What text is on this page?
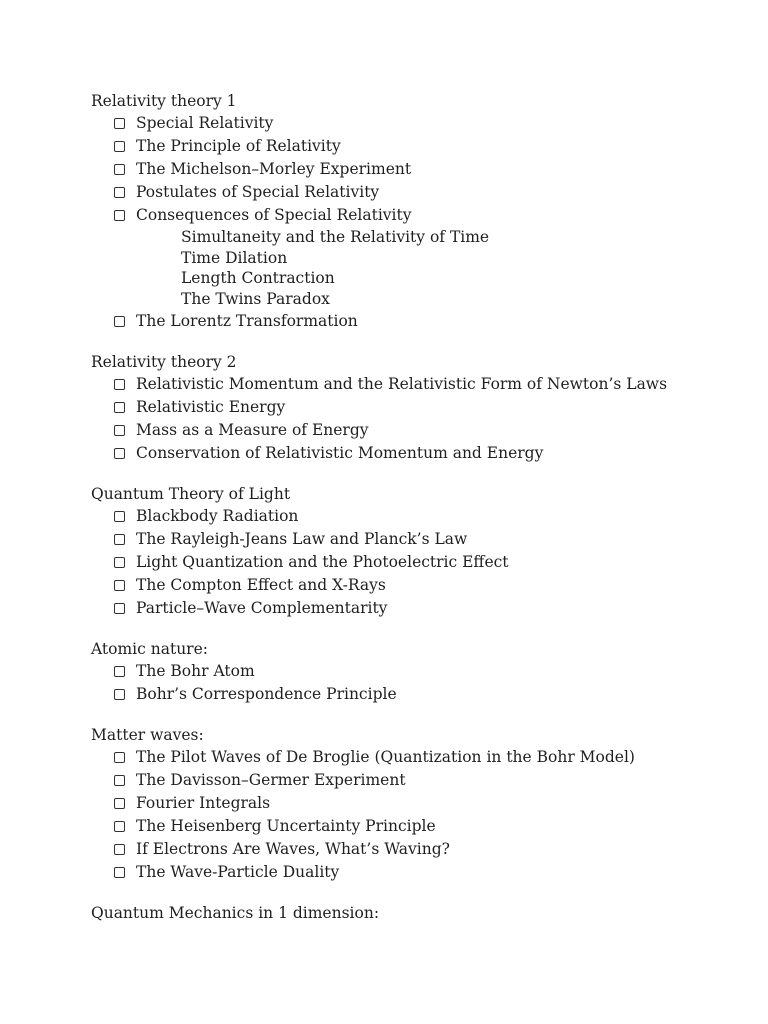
Relativity theory 1
Special Relativity
The Principle of Relativity
The Michelson–Morley Experiment
Postulates of Special Relativity
Consequences of Special Relativity
Simultaneity and the Relativity of Time
Time Dilation
Length Contraction
The Twins Paradox
The Lorentz Transformation
Relativity theory 2
Relativistic Momentum and the Relativistic Form of Newton’s Laws
Relativistic Energy
Mass as a Measure of Energy
Conservation of Relativistic Momentum and Energy
Quantum Theory of Light
Blackbody Radiation
The Rayleigh-Jeans Law and Planck’s Law
Light Quantization and the Photoelectric Effect
The Compton Effect and X-Rays
Particle–Wave Complementarity
Atomic nature:
The Bohr Atom
Bohr’s Correspondence Principle
Matter waves:
The Pilot Waves of De Broglie (Quantization in the Bohr Model)
The Davisson–Germer Experiment
Fourier Integrals
The Heisenberg Uncertainty Principle
If Electrons Are Waves, What’s Waving?
The Wave-Particle Duality
Quantum Mechanics in 1 dimension:
